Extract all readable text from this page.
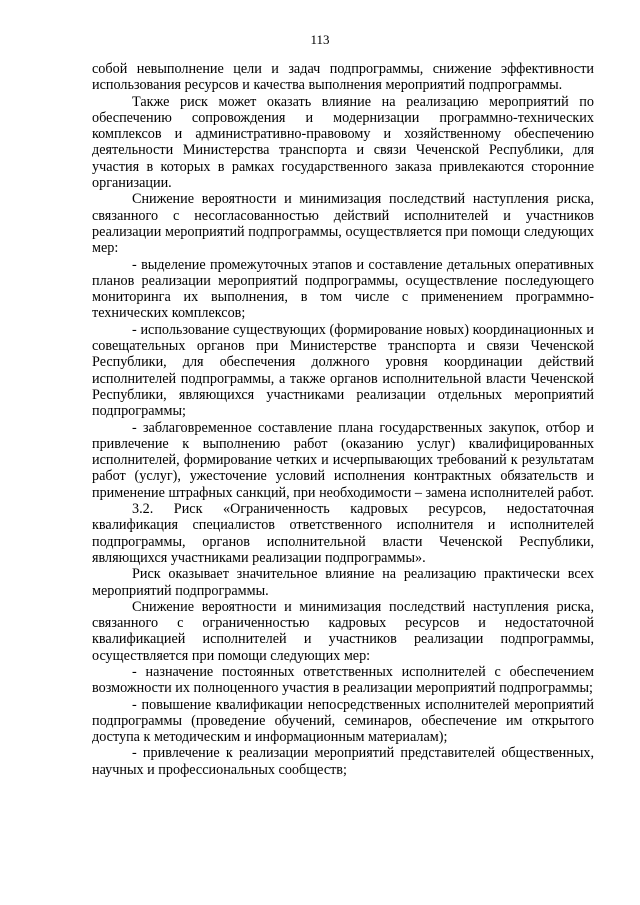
113

собой невыполнение цели и задач подпрограммы, снижение эффективности использования ресурсов и качества выполнения мероприятий подпрограммы.

Также риск может оказать влияние на реализацию мероприятий по обеспечению сопровождения и модернизации программно-технических комплексов и административно-правовому и хозяйственному обеспечению деятельности Министерства транспорта и связи Чеченской Республики, для участия в которых в рамках государственного заказа привлекаются сторонние организации.

Снижение вероятности и минимизация последствий наступления риска, связанного с несогласованностью действий исполнителей и участников реализации мероприятий подпрограммы, осуществляется при помощи следующих мер:

- выделение промежуточных этапов и составление детальных оперативных планов реализации мероприятий подпрограммы, осуществление последующего мониторинга их выполнения, в том числе с применением программно-технических комплексов;

- использование существующих (формирование новых) координационных и совещательных органов при Министерстве транспорта и связи Чеченской Республики, для обеспечения должного уровня координации действий исполнителей подпрограммы, а также органов исполнительной власти Чеченской Республики, являющихся участниками реализации отдельных мероприятий подпрограммы;

- заблаговременное составление плана государственных закупок, отбор и привлечение к выполнению работ (оказанию услуг) квалифицированных исполнителей, формирование четких и исчерпывающих требований к результатам работ (услуг), ужесточение условий исполнения контрактных обязательств и применение штрафных санкций, при необходимости – замена исполнителей работ.

3.2. Риск «Ограниченность кадровых ресурсов, недостаточная квалификация специалистов ответственного исполнителя и исполнителей подпрограммы, органов исполнительной власти Чеченской Республики, являющихся участниками реализации подпрограммы».

Риск оказывает значительное влияние на реализацию практически всех мероприятий подпрограммы.

Снижение вероятности и минимизация последствий наступления риска, связанного с ограниченностью кадровых ресурсов и недостаточной квалификацией исполнителей и участников реализации подпрограммы, осуществляется при помощи следующих мер:

- назначение постоянных ответственных исполнителей с обеспечением возможности их полноценного участия в реализации мероприятий подпрограммы;

- повышение квалификации непосредственных исполнителей мероприятий подпрограммы (проведение обучений, семинаров, обеспечение им открытого доступа к методическим и информационным материалам);

- привлечение к реализации мероприятий представителей общественных, научных и профессиональных сообществ;
